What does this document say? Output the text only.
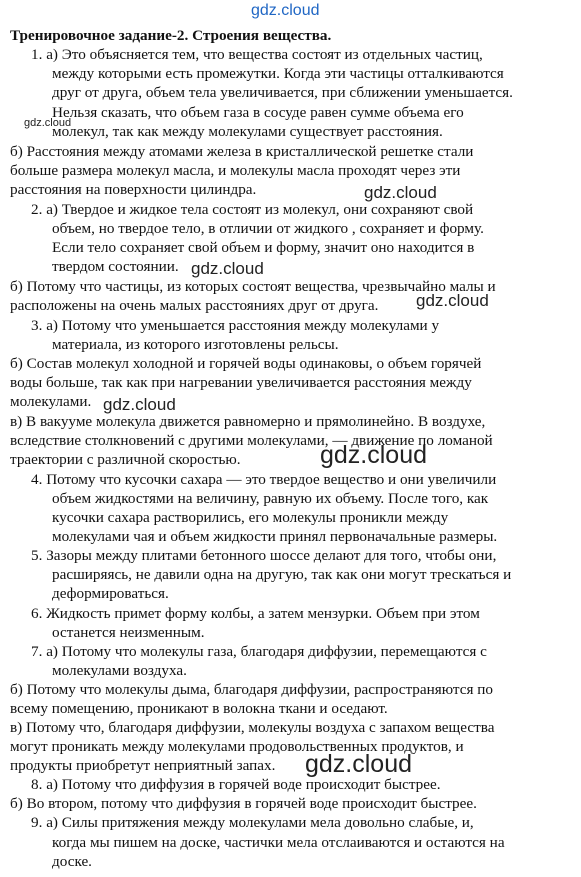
gdz.cloud
Тренировочное задание-2. Строения вещества.
1. а) Это объясняется тем, что вещества состоят из отдельных частиц,
между которыми есть промежутки. Когда эти частицы отталкиваются
друг от друга, объем тела увеличивается, при сближении уменьшается.
Нельзя сказать, что объем газа в сосуде равен сумме объема его
молекул, так как между молекулами существует расстояния.
б) Расстояния между атомами железа в кристаллической решетке стали
больше размера молекул масла, и молекулы масла проходят через эти
расстояния на поверхности цилиндра.
2. а) Твердое и жидкое тела состоят из молекул, они сохраняют свой
объем, но твердое тело, в отличии от жидкого , сохраняет и форму.
Если тело сохраняет свой объем и форму, значит оно находится в
твердом состоянии.
б) Потому что частицы, из которых состоят вещества, чрезвычайно малы и
расположены на очень малых расстояниях друг от друга.
3. а) Потому что уменьшается расстояния между молекулами у
материала, из которого изготовлены рельсы.
б) Состав молекул холодной и горячей воды одинаковы, о объем горячей
воды больше, так как при нагревании увеличивается расстояния между
молекулами.
в) В вакууме молекула движется равномерно и прямолинейно. В воздухе,
вследствие столкновений с другими молекулами, — движение по ломаной
траектории с различной скоростью.
4. Потому что кусочки сахара — это твердое вещество и они увеличили
объем жидкостями на величину, равную их объему. После того, как
кусочки сахара растворились, его молекулы проникли между
молекулами чая и объем жидкости принял первоначальные размеры.
5. Зазоры между плитами бетонного шоссе делают для того, чтобы они,
расширяясь, не давили одна на другую, так как они могут трескаться и
деформироваться.
6. Жидкость примет форму колбы, а затем мензурки. Объем при этом
останется неизменным.
7. а) Потому что молекулы газа, благодаря диффузии, перемещаются с
молекулами воздуха.
б) Потому что молекулы дыма, благодаря диффузии, распространяются по
всему помещению, проникают в волокна ткани и оседают.
в) Потому что, благодаря диффузии, молекулы воздуха с запахом вещества
могут проникать между молекулами продовольственных продуктов, и
продукты приобретут неприятный запах.
8. а) Потому что диффузия в горячей воде происходит быстрее.
б) Во втором, потому что диффузия в горячей воде происходит быстрее.
9. а) Силы притяжения между молекулами мела довольно слабые, и,
когда мы пишем на доске, частички мела отслаиваются и остаются на
доске.
gdz.cloud
gdz.cloud
gdz.cloud
gdz.cloud
gdz.cloud
gdz.cloud
gdz.cloud
